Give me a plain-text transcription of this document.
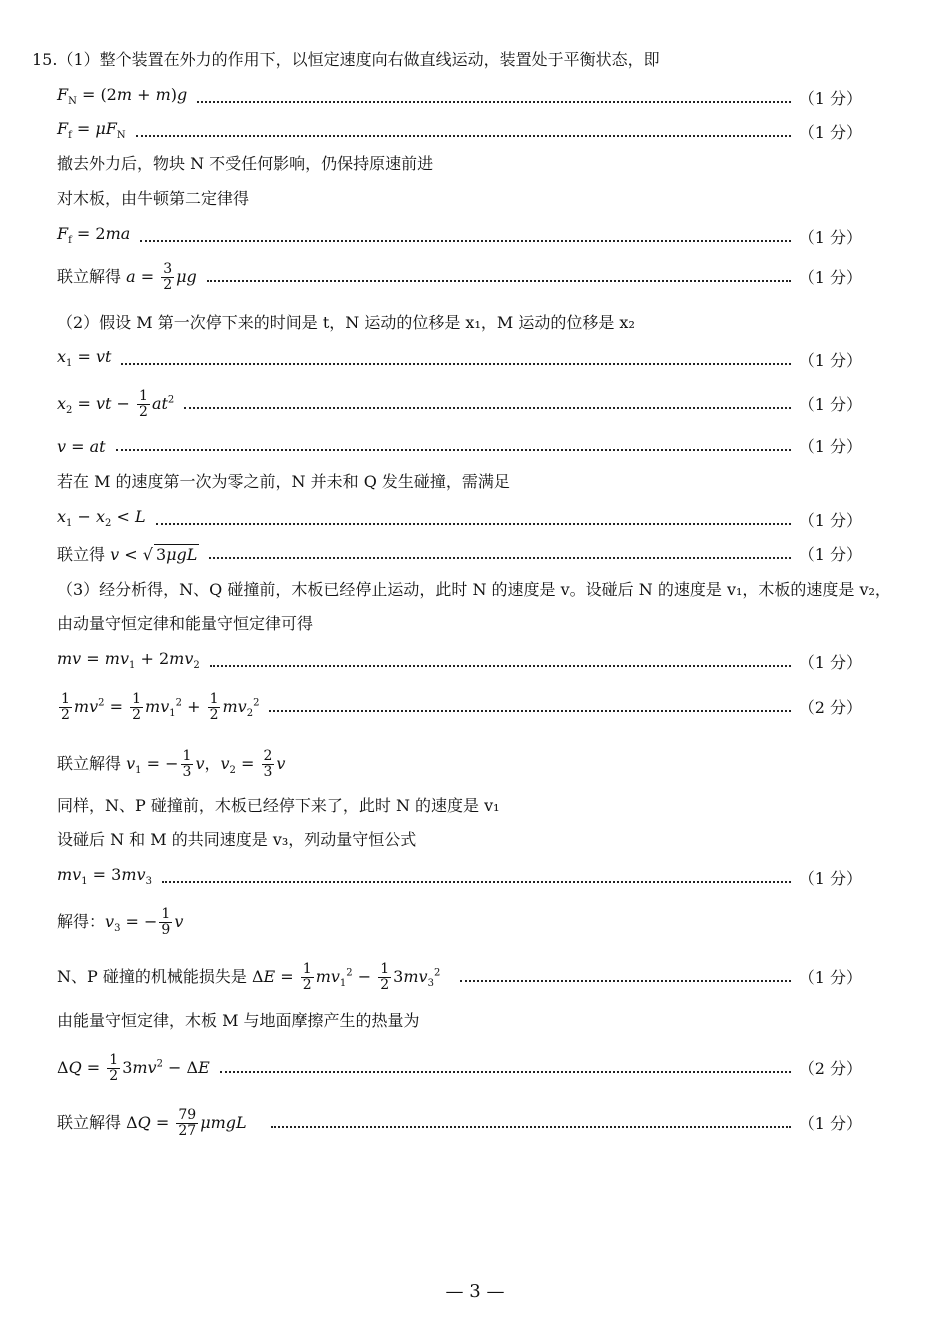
15.（1）整个装置在外力的作用下，以恒定速度向右做直线运动，装置处于平衡状态，即
$F_N = (2m + m)g$	（1 分）
$F_f = \mu F_N$	（1 分）
撤去外力后，物块 N 不受任何影响，仍保持原速前进
对木板，由牛顿第二定律得
$F_f = 2ma$	（1 分）
联立解得 $a = \frac{3}{2}$ μg	（1 分）
（2）假设 M 第一次停下来的时间是 t，N 运动的位移是 x₁，M 运动的位移是 x₂
$x_1$ = vt	（1 分）
$x_2$ = vt − $\frac{1}{2} at^2$	（1 分）
v = at	（1 分）
若在 M 的速度第一次为零之前，N 并未和 Q 发生碰撞，需满足
$x_1 - x_2 < L$	（1 分）
联立得 v < √ 3μgL	（1 分）
（3）经分析得，N、Q 碰撞前，木板已经停止运动，此时 N 的速度是 v。设碰后 N 的速度是 v₁，木板的速度是 v₂，
由动量守恒定律和能量守恒定律可得
mv = $mv_1 + 2mv_2$	（1 分）
$\frac{1}{2} mv^2 = \frac{1}{2} mv_1^2 + \frac{1}{2} mv_2^2$	（2 分）
联立解得 $v_1$ = − $\frac{1}{3}$ v，$v_2 = \frac{2}{3}$ v
同样，N、P 碰撞前，木板已经停下来了，此时 N 的速度是 v₁
设碰后 N 和 M 的共同速度是 v₃，列动量守恒公式
$mv_1 = 3mv_3$	（1 分）
解得：$v_3$ = − $\frac{1}{9}$ v
N、P 碰撞的机械能损失是 $\Delta E = \frac{1}{2} mv_1^2 - \frac{1}{2} 3mv_3^2$	（1 分）
由能量守恒定律，木板 M 与地面摩擦产生的热量为
$\Delta Q = \frac{1}{2} 3mv^2 - \Delta E$	（2 分）
联立解得 $\Delta Q = \frac{79}{27}$ μmgL	（1 分）
— 3 —
